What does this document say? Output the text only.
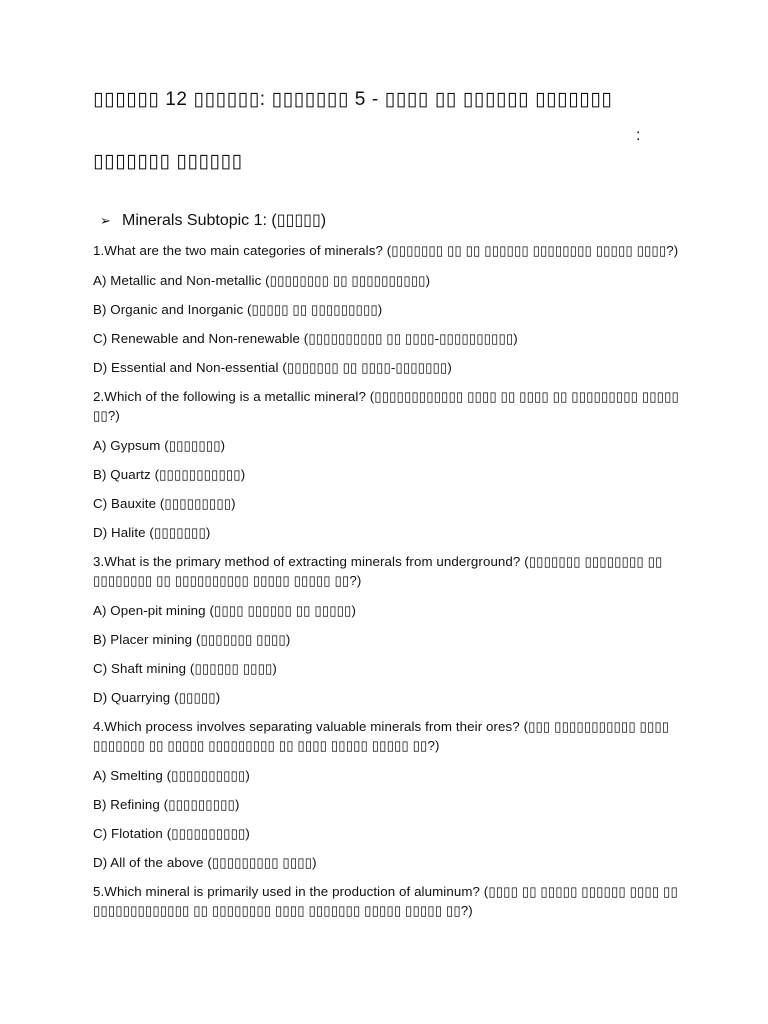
▯▯▯▯▯▯ 12 ▯▯▯▯▯▯: ▯▯▯▯▯▯▯ 5 - ▯▯▯▯ ▯▯ ▯▯▯▯▯▯ ▯▯▯▯▯▯▯
:
▯▯▯▯▯▯▯ ▯▯▯▯▯▯
➢ Minerals Subtopic 1: (▯▯▯▯▯)

1.What are the two main categories of minerals? (▯▯▯▯▯▯▯ ▯▯ ▯▯ ▯▯▯▯▯▯ ▯▯▯▯▯▯▯▯ ▯▯▯▯▯ ▯▯▯▯?)

A) Metallic and Non-metallic (▯▯▯▯▯▯▯▯ ▯▯ ▯▯▯▯▯▯▯▯▯▯)

B) Organic and Inorganic (▯▯▯▯▯ ▯▯ ▯▯▯▯▯▯▯▯▯)

C) Renewable and Non-renewable (▯▯▯▯▯▯▯▯▯▯ ▯▯ ▯▯▯▯-▯▯▯▯▯▯▯▯▯▯)

D) Essential and Non-essential (▯▯▯▯▯▯▯ ▯▯ ▯▯▯▯-▯▯▯▯▯▯▯)

2.Which of the following is a metallic mineral? (▯▯▯▯▯▯▯▯▯▯▯▯ ▯▯▯▯ ▯▯ ▯▯▯▯ ▯▯ ▯▯▯▯▯▯▯▯▯ ▯▯▯▯▯ ▯▯?)

A) Gypsum (▯▯▯▯▯▯▯)

B) Quartz (▯▯▯▯▯▯▯▯▯▯▯)

C) Bauxite (▯▯▯▯▯▯▯▯▯)

D) Halite (▯▯▯▯▯▯▯)

3.What is the primary method of extracting minerals from underground? (▯▯▯▯▯▯▯ ▯▯▯▯▯▯▯▯ ▯▯ ▯▯▯▯▯▯▯▯ ▯▯ ▯▯▯▯▯▯▯▯▯▯ ▯▯▯▯▯ ▯▯▯▯▯ ▯▯?)

A) Open-pit mining (▯▯▯▯ ▯▯▯▯▯▯ ▯▯ ▯▯▯▯▯)

B) Placer mining (▯▯▯▯▯▯▯ ▯▯▯▯)

C) Shaft mining (▯▯▯▯▯▯ ▯▯▯▯)

D) Quarrying (▯▯▯▯▯)

4.Which process involves separating valuable minerals from their ores? (▯▯▯ ▯▯▯▯▯▯▯▯▯▯▯ ▯▯▯▯ ▯▯▯▯▯▯▯ ▯▯ ▯▯▯▯▯ ▯▯▯▯▯▯▯▯▯ ▯▯ ▯▯▯▯ ▯▯▯▯▯ ▯▯▯▯▯ ▯▯?)

A) Smelting (▯▯▯▯▯▯▯▯▯▯)

B) Refining (▯▯▯▯▯▯▯▯▯)

C) Flotation (▯▯▯▯▯▯▯▯▯▯)

D) All of the above (▯▯▯▯▯▯▯▯▯ ▯▯▯▯)

5.Which mineral is primarily used in the production of aluminum? (▯▯▯▯ ▯▯ ▯▯▯▯▯ ▯▯▯▯▯▯ ▯▯▯▯ ▯▯ ▯▯▯▯▯▯▯▯▯▯▯▯▯ ▯▯ ▯▯▯▯▯▯▯▯ ▯▯▯▯ ▯▯▯▯▯▯▯ ▯▯▯▯▯ ▯▯▯▯▯ ▯▯?)
